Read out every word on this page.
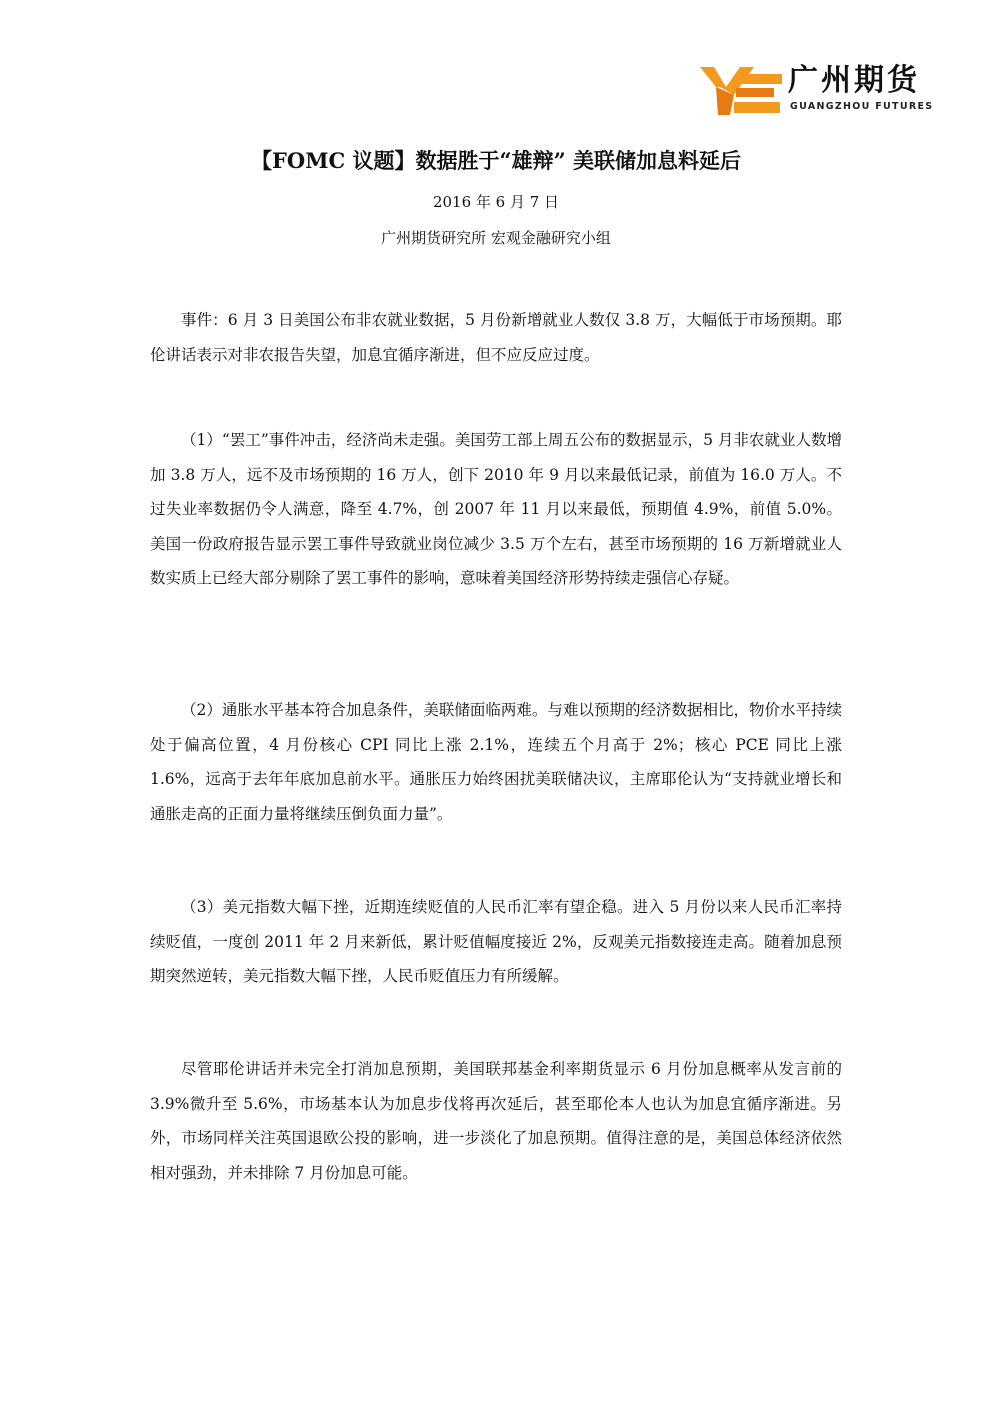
广州期货
GUANGZHOU FUTURES
【FOMC 议题】数据胜于“雄辩” 美联储加息料延后
2016 年 6 月 7 日
广州期货研究所 宏观金融研究小组

事件：6 月 3 日美国公布非农就业数据，5 月份新增就业人数仅 3.8 万，大幅低于市场预期。耶伦讲话表示对非农报告失望，加息宜循序渐进，但不应反应过度。

（1）“罢工”事件冲击，经济尚未走强。美国劳工部上周五公布的数据显示，5 月非农就业人数增加 3.8 万人，远不及市场预期的 16 万人，创下 2010 年 9 月以来最低记录，前值为 16.0 万人。不过失业率数据仍令人满意，降至 4.7%，创 2007 年 11 月以来最低，预期值 4.9%，前值 5.0%。美国一份政府报告显示罢工事件导致就业岗位减少 3.5 万个左右，甚至市场预期的 16 万新增就业人数实质上已经大部分剔除了罢工事件的影响，意味着美国经济形势持续走强信心存疑。

（2）通胀水平基本符合加息条件，美联储面临两难。与难以预期的经济数据相比，物价水平持续处于偏高位置，4 月份核心 CPI 同比上涨 2.1%，连续五个月高于 2%；核心 PCE 同比上涨 1.6%，远高于去年年底加息前水平。通胀压力始终困扰美联储决议，主席耶伦认为“支持就业增长和通胀走高的正面力量将继续压倒负面力量”。

（3）美元指数大幅下挫，近期连续贬值的人民币汇率有望企稳。进入 5 月份以来人民币汇率持续贬值，一度创 2011 年 2 月来新低，累计贬值幅度接近 2%，反观美元指数接连走高。随着加息预期突然逆转，美元指数大幅下挫，人民币贬值压力有所缓解。

尽管耶伦讲话并未完全打消加息预期，美国联邦基金利率期货显示 6 月份加息概率从发言前的 3.9%微升至 5.6%，市场基本认为加息步伐将再次延后，甚至耶伦本人也认为加息宜循序渐进。另外，市场同样关注英国退欧公投的影响，进一步淡化了加息预期。值得注意的是，美国总体经济依然相对强劲，并未排除 7 月份加息可能。
